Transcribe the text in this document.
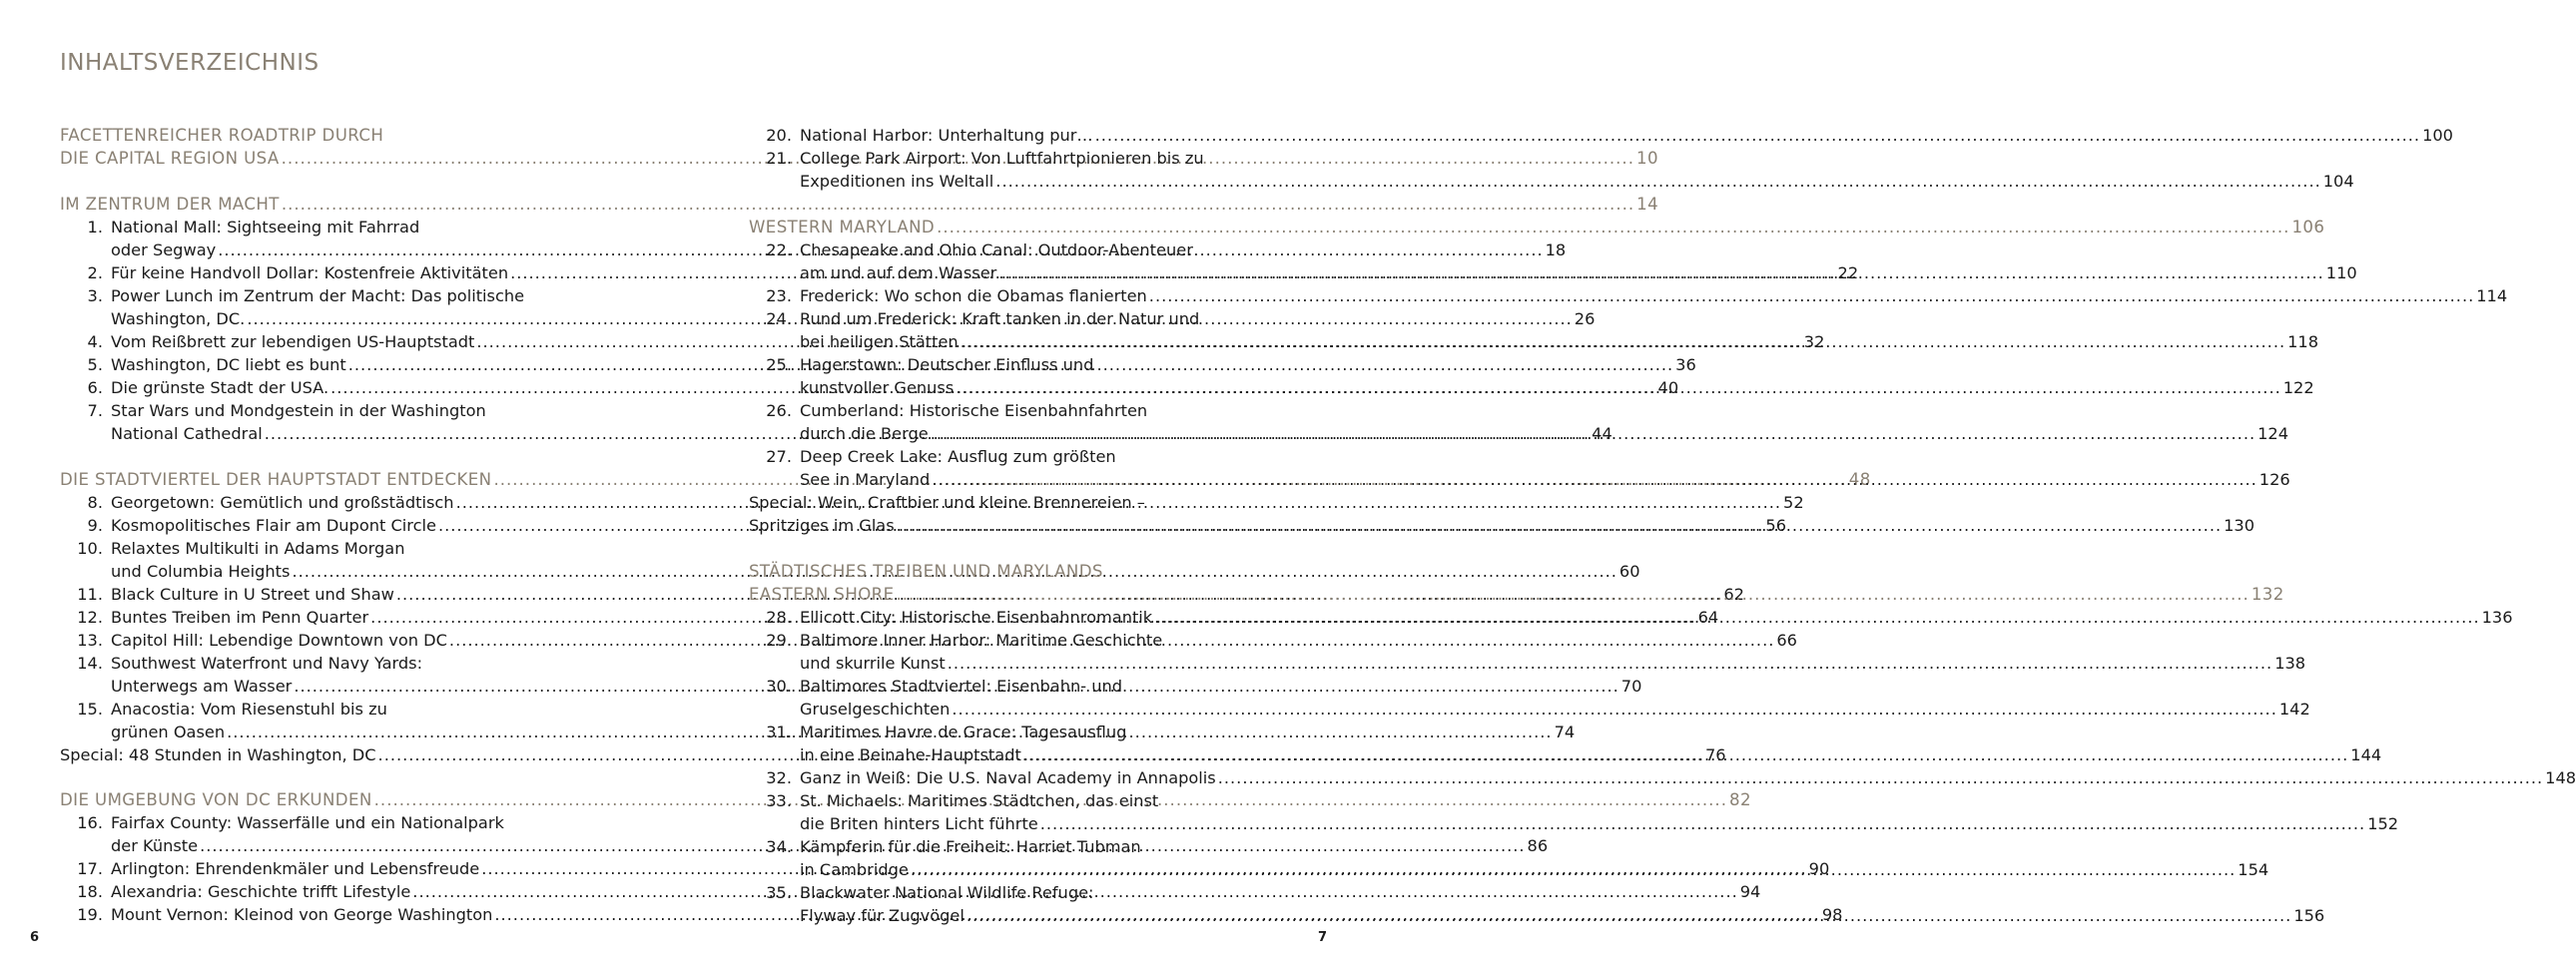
INHALTSVERZEICHNIS
FACETTENREICHER ROADTRIP DURCH
DIE CAPITAL REGION USA .....	10
IM ZENTRUM DER MACHT .....	14
1. National Mall: Sightseeing mit Fahrrad
oder Segway .....	18
2. Für keine Handvoll Dollar: Kostenfreie Aktivitäten .....	22
3. Power Lunch im Zentrum der Macht: Das politische
Washington, DC. .....	26
4. Vom Reißbrett zur lebendigen US-Hauptstadt .....	32
5. Washington, DC liebt es bunt .....	36
6. Die grünste Stadt der USA. .....	40
7. Star Wars und Mondgestein in der Washington
National Cathedral .....	44
DIE STADTVIERTEL DER HAUPTSTADT ENTDECKEN .....	48
8. Georgetown: Gemütlich und großstädtisch .....	52
9. Kosmopolitisches Flair am Dupont Circle .....	56
10. Relaxtes Multikulti in Adams Morgan
und Columbia Heights .....	60
11. Black Culture in U Street und Shaw .....	62
12. Buntes Treiben im Penn Quarter .....	64
13. Capitol Hill: Lebendige Downtown von DC .....	66
14. Southwest Waterfront und Navy Yards:
Unterwegs am Wasser .....	70
15. Anacostia: Vom Riesenstuhl bis zu
grünen Oasen .....	74
Special: 48 Stunden in Washington, DC .....	76
DIE UMGEBUNG VON DC ERKUNDEN .....	82
16. Fairfax County: Wasserfälle und ein Nationalpark
der Künste .....	86
17. Arlington: Ehrendenkmäler und Lebensfreude .....	90
18. Alexandria: Geschichte trifft Lifestyle .....	94
19. Mount Vernon: Kleinod von George Washington .....	98
20. National Harbor: Unterhaltung pur… .....	100
21. College Park Airport: Von Luftfahrtpionieren bis zu
Expeditionen ins Weltall .....	104
WESTERN MARYLAND .....	106
22. Chesapeake and Ohio Canal: Outdoor-Abenteuer
am und auf dem Wasser .....	110
23. Frederick: Wo schon die Obamas flanierten .....	114
24. Rund um Frederick: Kraft tanken in der Natur und
bei heiligen Stätten .....	118
25. Hagerstown: Deutscher Einfluss und
kunstvoller Genuss .....	122
26. Cumberland: Historische Eisenbahnfahrten
durch die Berge .....	124
27. Deep Creek Lake: Ausflug zum größten
See in Maryland .....	126
Special: Wein, Craftbier und kleine Brennereien –
Spritziges im Glas .....	130
STÄDTISCHES TREIBEN UND MARYLANDS
EASTERN SHORE .....	132
28. Ellicott City: Historische Eisenbahnromantik .....	136
29. Baltimore Inner Harbor: Maritime Geschichte
und skurrile Kunst .....	138
30. Baltimores Stadtviertel: Eisenbahn- und
Gruselgeschichten .....	142
31. Maritimes Havre de Grace: Tagesausflug
in eine Beinahe-Hauptstadt .....	144
32. Ganz in Weiß: Die U.S. Naval Academy in Annapolis .....	148
33. St. Michaels: Maritimes Städtchen, das einst
die Briten hinters Licht führte .....	152
34. Kämpferin für die Freiheit: Harriet Tubman
in Cambridge .....	154
35. Blackwater National Wildlife Refuge:
Flyway für Zugvögel .....	156
6	7
